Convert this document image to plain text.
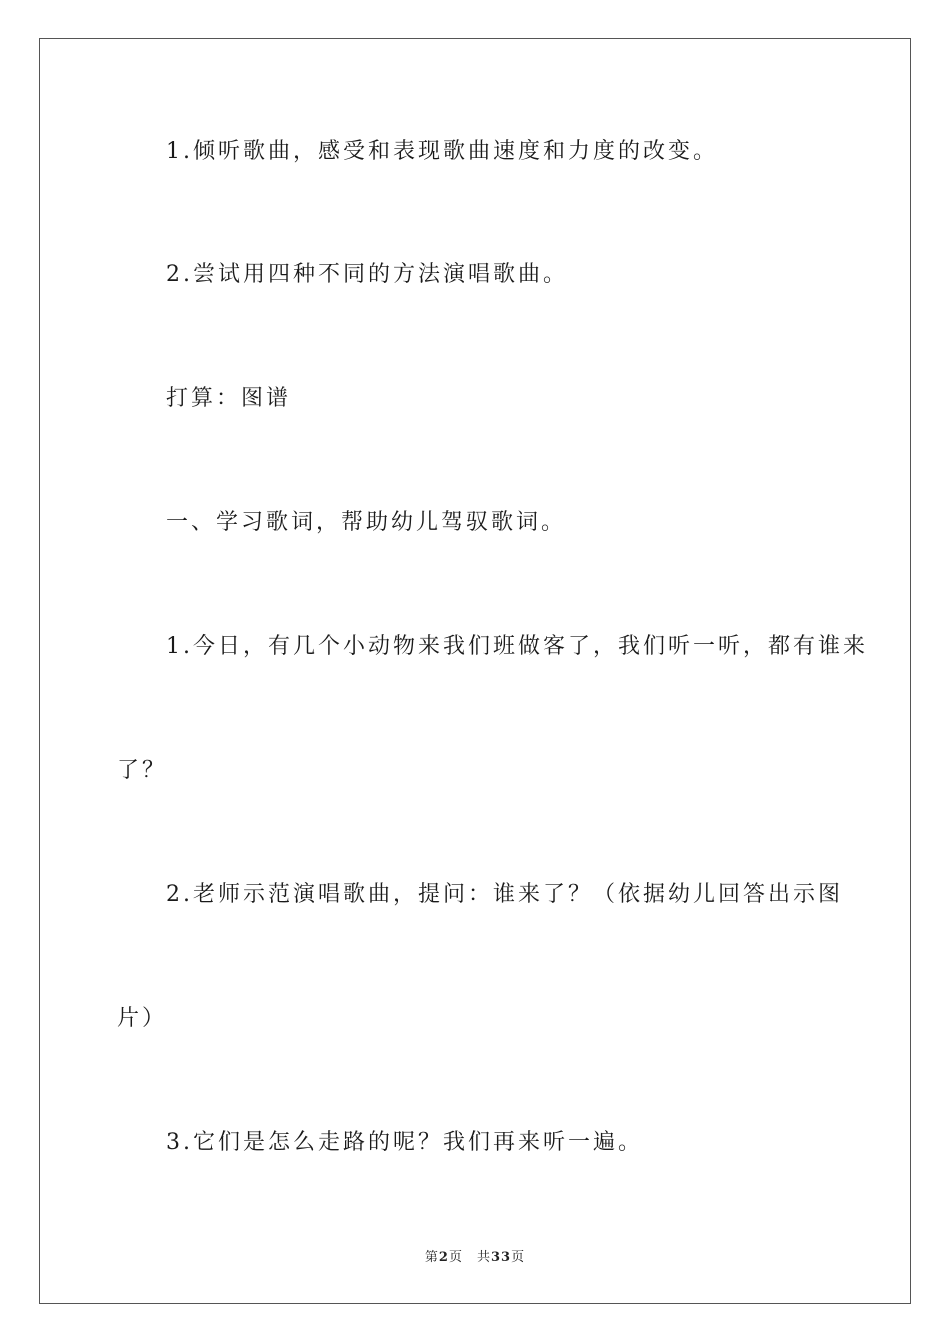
1.倾听歌曲，感受和表现歌曲速度和力度的改变。
2.尝试用四种不同的方法演唱歌曲。
打算：图谱
一、学习歌词，帮助幼儿驾驭歌词。
1.今日，有几个小动物来我们班做客了，我们听一听，都有谁来
了？
2.老师示范演唱歌曲，提问：谁来了？（依据幼儿回答出示图
片）
3.它们是怎么走路的呢？我们再来听一遍。
第2页　共33页
